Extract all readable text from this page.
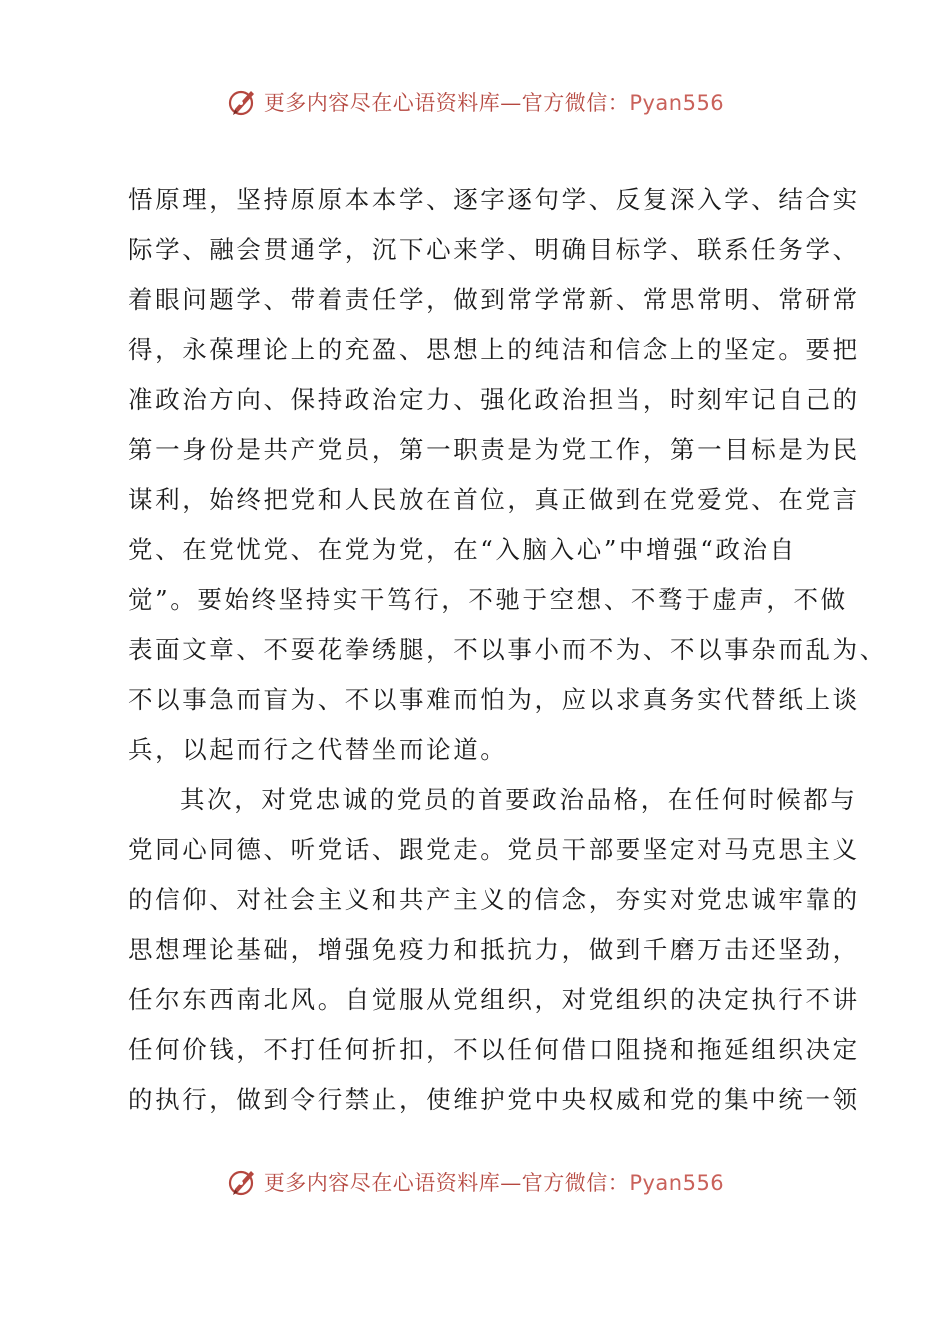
更多内容尽在心语资料库—官方微信：Pyan556
悟原理，坚持原原本本学、逐字逐句学、反复深入学、结合实
际学、融会贯通学，沉下心来学、明确目标学、联系任务学、
着眼问题学、带着责任学，做到常学常新、常思常明、常研常
得，永葆理论上的充盈、思想上的纯洁和信念上的坚定。要把
准政治方向、保持政治定力、强化政治担当，时刻牢记自己的
第一身份是共产党员，第一职责是为党工作，第一目标是为民
谋利，始终把党和人民放在首位，真正做到在党爱党、在党言
党、在党忧党、在党为党，在“入脑入心”中增强“政治自
觉”。要始终坚持实干笃行，不驰于空想、不骛于虚声，不做
表面文章、不耍花拳绣腿，不以事小而不为、不以事杂而乱为、
不以事急而盲为、不以事难而怕为，应以求真务实代替纸上谈
兵，以起而行之代替坐而论道。
其次，对党忠诚的党员的首要政治品格，在任何时候都与
党同心同德、听党话、跟党走。党员干部要坚定对马克思主义
的信仰、对社会主义和共产主义的信念，夯实对党忠诚牢靠的
思想理论基础，增强免疫力和抵抗力，做到千磨万击还坚劲，
任尔东西南北风。自觉服从党组织，对党组织的决定执行不讲
任何价钱，不打任何折扣，不以任何借口阻挠和拖延组织决定
的执行，做到令行禁止，使维护党中央权威和党的集中统一领
更多内容尽在心语资料库—官方微信：Pyan556
